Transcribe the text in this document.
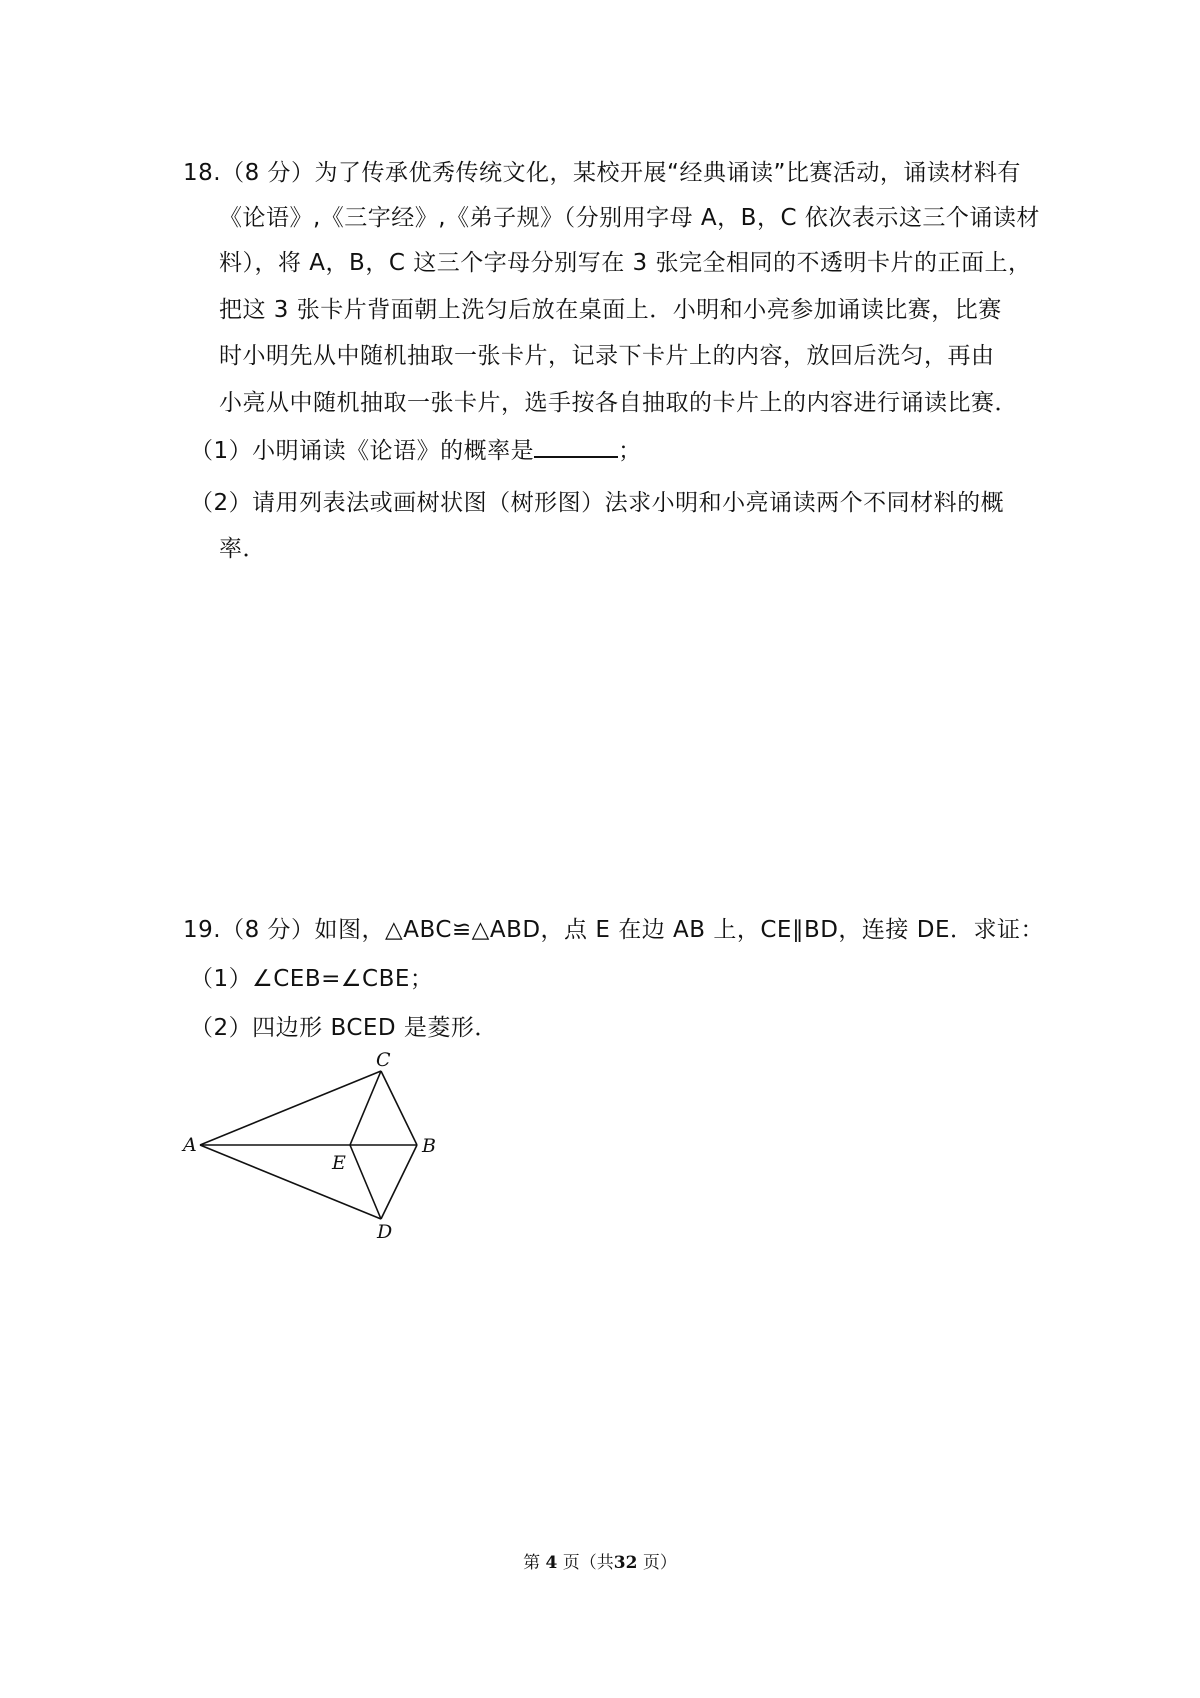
18.（8 分）为了传承优秀传统文化，某校开展“经典诵读”比赛活动，诵读材料有
《论语》,《三字经》,《弟子规》（分别用字母 A，B，C 依次表示这三个诵读材
料），将 A，B，C 这三个字母分别写在 3 张完全相同的不透明卡片的正面上，
把这 3 张卡片背面朝上洗匀后放在桌面上．小明和小亮参加诵读比赛，比赛
时小明先从中随机抽取一张卡片，记录下卡片上的内容，放回后洗匀，再由
小亮从中随机抽取一张卡片，选手按各自抽取的卡片上的内容进行诵读比赛．
（1）小明诵读《论语》的概率是	；
（2）请用列表法或画树状图（树形图）法求小明和小亮诵读两个不同材料的概
率．
19.（8 分）如图，△ABC≌△ABD，点 E 在边 AB 上，CE∥BD，连接 DE．求证：
（1）∠CEB=∠CBE；
（2）四边形 BCED 是菱形．
C
A	B
E
D
第 4 页（共32 页）
